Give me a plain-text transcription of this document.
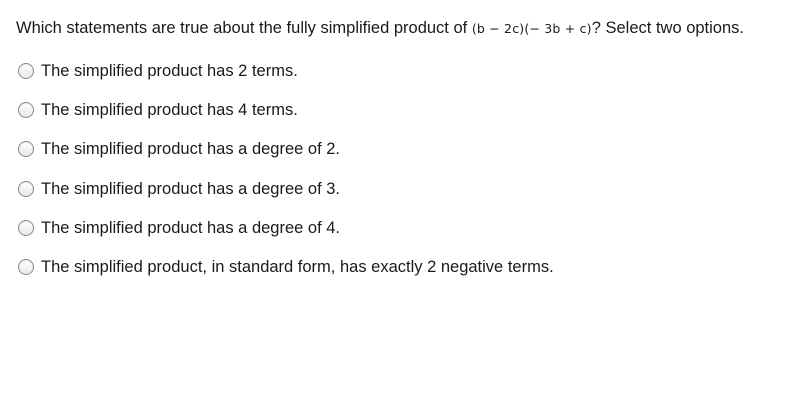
Which statements are true about the fully simplified product of (b − 2c)(− 3b + c)? Select two options.
The simplified product has 2 terms.
The simplified product has 4 terms.
The simplified product has a degree of 2.
The simplified product has a degree of 3.
The simplified product has a degree of 4.
The simplified product, in standard form, has exactly 2 negative terms.
